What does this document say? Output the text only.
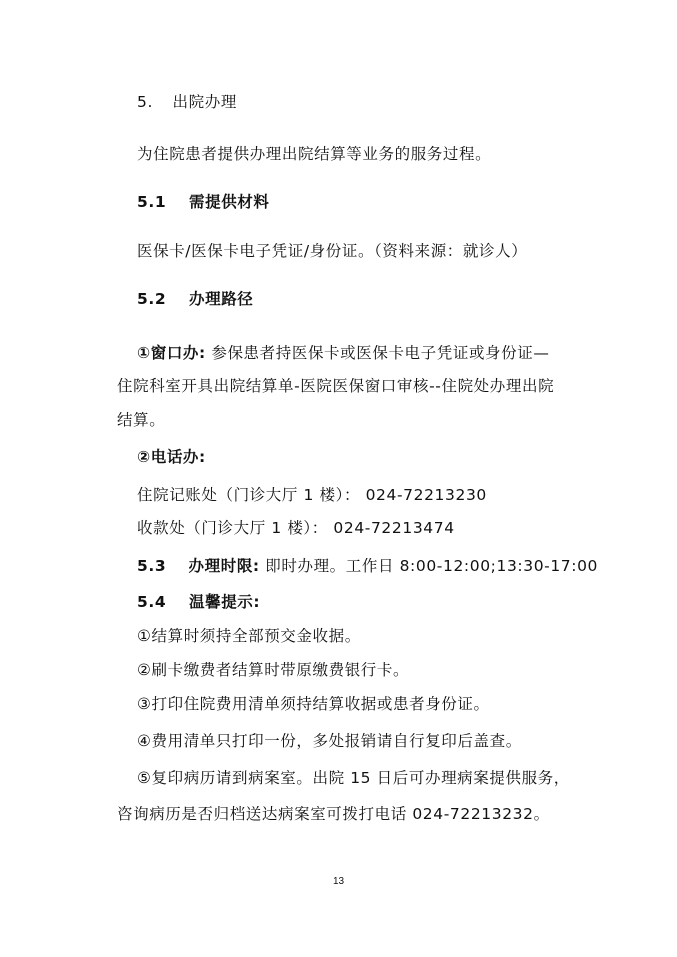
5. 出院办理
为住院患者提供办理出院结算等业务的服务过程。
5.1 需提供材料
医保卡/医保卡电子凭证/身份证。（资料来源：就诊人）
5.2 办理路径
①窗口办: 参保患者持医保卡或医保卡电子凭证或身份证—
住院科室开具出院结算单-医院医保窗口审核--住院处办理出院
结算。
②电话办:
住院记账处（门诊大厅 1 楼）： 024-72213230
收款处（门诊大厅 1 楼）： 024-72213474
5.3 办理时限: 即时办理。工作日 8:00-12:00;13:30-17:00
5.4 温馨提示:
①结算时须持全部预交金收据。
②刷卡缴费者结算时带原缴费银行卡。
③打印住院费用清单须持结算收据或患者身份证。
④费用清单只打印一份，多处报销请自行复印后盖查。
⑤复印病历请到病案室。出院 15 日后可办理病案提供服务，
咨询病历是否归档送达病案室可拨打电话 024-72213232。
13
